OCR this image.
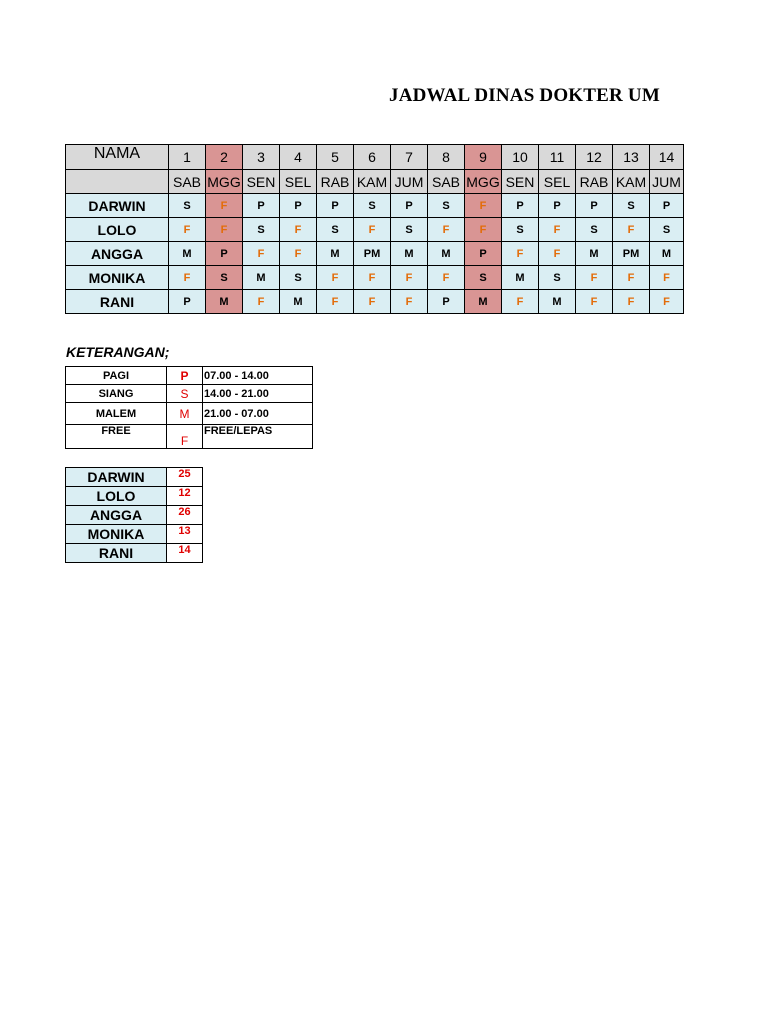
JADWAL DINAS DOKTER UM
NAMA	1	2	3	4	5	6	7	8	9	10	11	12	13	14
	SAB	MGG	SEN	SEL	RAB	KAM	JUM	SAB	MGG	SEN	SEL	RAB	KAM	JUM
DARWIN	S	F	P	P	P	S	P	S	F	P	P	P	S	P
LOLO	F	F	S	F	S	F	S	F	F	S	F	S	F	S
ANGGA	M	P	F	F	M	PM	M	M	P	F	F	M	PM	M
MONIKA	F	S	M	S	F	F	F	F	S	M	S	F	F	F
RANI	P	M	F	M	F	F	F	P	M	F	M	F	F	F
KETERANGAN;
PAGI	P	07.00 - 14.00
SIANG	S	14.00 - 21.00
MALEM	M	21.00 - 07.00
FREE	F	FREE/LEPAS
DARWIN	25
LOLO	12
ANGGA	26
MONIKA	13
RANI	14
